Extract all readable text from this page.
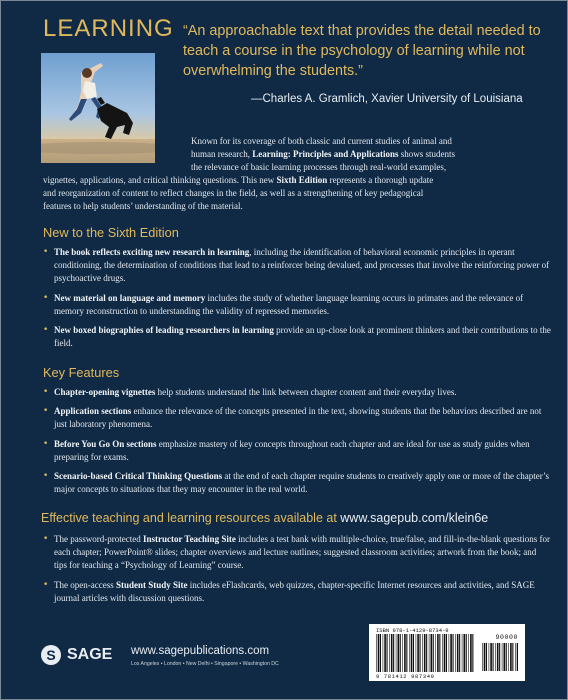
LEARNING “An approachable text that provides the detail needed to teach a course in the psychology of learning while not overwhelming the students.”
—Charles A. Gramlich, Xavier University of Louisiana
Known for its coverage of both classic and current studies of animal and
human research, Learning: Principles and Applications shows students
the relevance of basic learning processes through real-world examples,
vignettes, applications, and critical thinking questions. This new Sixth Edition represents a thorough update
and reorganization of content to reflect changes in the field, as well as a strengthening of key pedagogical
features to help students’ understanding of the material.
New to the Sixth Edition
• The book reflects exciting new research in learning, including the identification of behavioral economic principles in operant conditioning, the determination of conditions that lead to a reinforcer being devalued, and processes that involve the reinforcing power of psychoactive drugs.
• New material on language and memory includes the study of whether language learning occurs in primates and the relevance of memory reconstruction to understanding the validity of repressed memories.
• New boxed biographies of leading researchers in learning provide an up-close look at prominent thinkers and their contributions to the field.
Key Features
• Chapter-opening vignettes help students understand the link between chapter content and their everyday lives.
• Application sections enhance the relevance of the concepts presented in the text, showing students that the behaviors described are not just laboratory phenomena.
• Before You Go On sections emphasize mastery of key concepts throughout each chapter and are ideal for use as study guides when preparing for exams.
• Scenario-based Critical Thinking Questions at the end of each chapter require students to creatively apply one or more of the chapter’s major concepts to situations that they may encounter in the real world.
Effective teaching and learning resources available at www.sagepub.com/klein6e
• The password-protected Instructor Teaching Site includes a test bank with multiple-choice, true/false, and fill-in-the-blank questions for each chapter; PowerPoint® slides; chapter overviews and lecture outlines; suggested classroom activities; artwork from the book; and tips for teaching a “Psychology of Learning” course.
• The open-access Student Study Site includes eFlashcards, web quizzes, chapter-specific Internet resources and activities, and SAGE journal articles with discussion questions.
S SAGE www.sagepublications.com
Los Angeles • London • New Delhi • Singapore • Washington DC
ISBN 978-1-4129-8734-9
90000
9 781412 987349
